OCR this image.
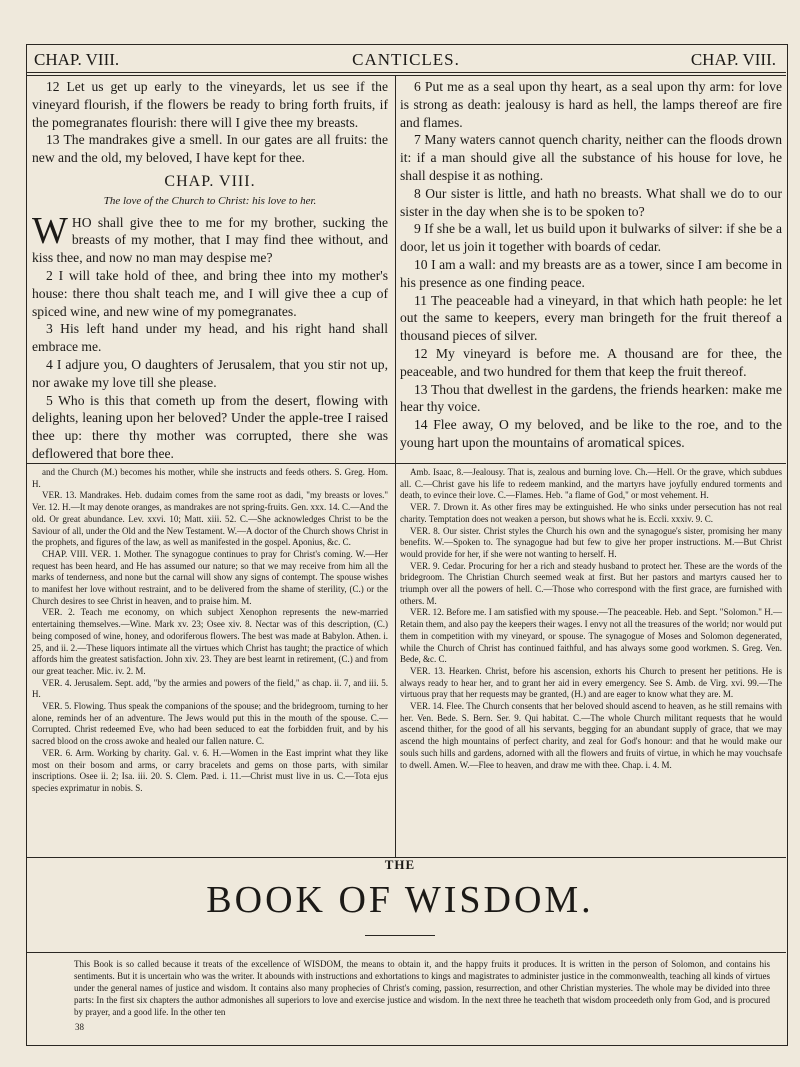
CANTICLES.
CHAP. VIII.	CHAP. VIII.

12 Let us get up early to the vineyards, let us see if the vineyard flourish, if the flowers be ready to bring forth fruits, if the pomegranates flourish: there will I give thee my breasts.

13 The mandrakes give a smell. In our gates are all fruits: the new and the old, my beloved, I have kept for thee.

CHAP. VIII.
The love of the Church to Christ: his love to her.

WHO shall give thee to me for my brother, sucking the breasts of my mother, that I may find thee without, and kiss thee, and now no man may despise me?

2 I will take hold of thee, and bring thee into my mother's house: there thou shalt teach me, and I will give thee a cup of spiced wine, and new wine of my pomegranates.

3 His left hand under my head, and his right hand shall embrace me.

4 I adjure you, O daughters of Jerusalem, that you stir not up, nor awake my love till she please.

5 Who is this that cometh up from the desert, flowing with delights, leaning upon her beloved? Under the apple-tree I raised thee up: there thy mother was corrupted, there she was deflowered that bore thee.

6 Put me as a seal upon thy heart, as a seal upon thy arm: for love is strong as death: jealousy is hard as hell, the lamps thereof are fire and flames.

7 Many waters cannot quench charity, neither can the floods drown it: if a man should give all the substance of his house for love, he shall despise it as nothing.

8 Our sister is little, and hath no breasts. What shall we do to our sister in the day when she is to be spoken to?

9 If she be a wall, let us build upon it bulwarks of silver: if she be a door, let us join it together with boards of cedar.

10 I am a wall: and my breasts are as a tower, since I am become in his presence as one finding peace.

11 The peaceable had a vineyard, in that which hath people: he let out the same to keepers, every man bringeth for the fruit thereof a thousand pieces of silver.

12 My vineyard is before me. A thousand are for thee, the peaceable, and two hundred for them that keep the fruit thereof.

13 Thou that dwellest in the gardens, the friends hearken: make me hear thy voice.

14 Flee away, O my beloved, and be like to the roe, and to the young hart upon the mountains of aromatical spices.

and the Church (M.) becomes his mother, while she instructs and feeds others. S. Greg. Hom. H.

VER. 13. Mandrakes. Heb. dudaim comes from the same root as dadi, "my breasts or loves." Ver. 12. H.—It may denote oranges, as mandrakes are not spring-fruits. Gen. xxx. 14. C.—And the old. Or great abundance. Lev. xxvi. 10; Matt. xiii. 52. C.—She acknowledges Christ to be the Saviour of all, under the Old and the New Testament. W.—A doctor of the Church shows Christ in the prophets, and figures of the law, as well as manifested in the gospel. Aponius, &c. C.

CHAP. VIII. VER. 1. Mother. The synagogue continues to pray for Christ's coming. W.—Her request has been heard, and He has assumed our nature; so that we may receive from him all the marks of tenderness, and none but the carnal will show any signs of contempt. The spouse wishes to manifest her love without restraint, and to be delivered from the shame of sterility, (C.) or the Church desires to see Christ in heaven, and to praise him. M.

VER. 2. Teach me economy, on which subject Xenophon represents the new-married entertaining themselves.—Wine. Mark xv. 23; Osee xiv. 8. Nectar was of this description, (C.) being composed of wine, honey, and odoriferous flowers. The best was made at Babylon. Athen. i. 25, and ii. 2.—These liquors intimate all the virtues which Christ has taught; the practice of which affords him the greatest satisfaction. John xiv. 23. They are best learnt in retirement, (C.) and from our great teacher. Mic. iv. 2. M.

VER. 4. Jerusalem. Sept. add, "by the armies and powers of the field," as chap. ii. 7, and iii. 5. H.

VER. 5. Flowing. Thus speak the companions of the spouse; and the bridegroom, turning to her alone, reminds her of an adventure. The Jews would put this in the mouth of the spouse. C.—Corrupted. Christ redeemed Eve, who had been seduced to eat the forbidden fruit, and by his sacred blood on the cross awoke and healed our fallen nature. C.

VER. 6. Arm. Working by charity. Gal. v. 6. H.—Women in the East imprint what they like most on their bosom and arms, or carry bracelets and gems on those parts, with similar inscriptions. Osee ii. 2; Isa. iii. 20. S. Clem. Pæd. i. 11.—Christ must live in us. C.—Tota ejus species exprimatur in nobis. S.

Amb. Isaac, 8.—Jealousy. That is, zealous and burning love. Ch.—Hell. Or the grave, which subdues all. C.—Christ gave his life to redeem mankind, and the martyrs have joyfully endured torments and death, to evince their love. C.—Flames. Heb. "a flame of God," or most vehement. H.

VER. 7. Drown it. As other fires may be extinguished. He who sinks under persecution has not real charity. Temptation does not weaken a person, but shows what he is. Eccli. xxxiv. 9. C.

VER. 8. Our sister. Christ styles the Church his own and the synagogue's sister, promising her many benefits. W.—Spoken to. The synagogue had but few to give her proper instructions. M.—But Christ would provide for her, if she were not wanting to herself. H.

VER. 9. Cedar. Procuring for her a rich and steady husband to protect her. These are the words of the bridegroom. The Christian Church seemed weak at first. But her pastors and martyrs caused her to triumph over all the powers of hell. C.—Those who correspond with the first grace, are furnished with others. M.

VER. 12. Before me. I am satisfied with my spouse.—The peaceable. Heb. and Sept. "Solomon." H.—Retain them, and also pay the keepers their wages. I envy not all the treasures of the world; nor would put them in competition with my vineyard, or spouse. The synagogue of Moses and Solomon degenerated, while the Church of Christ has continued faithful, and has always some good workmen. S. Greg. Ven. Bede, &c. C.

VER. 13. Hearken. Christ, before his ascension, exhorts his Church to present her petitions. He is always ready to hear her, and to grant her aid in every emergency. See S. Amb. de Virg. xvi. 99.—The virtuous pray that her requests may be granted, (H.) and are eager to know what they are. M.

VER. 14. Flee. The Church consents that her beloved should ascend to heaven, as he still remains with her. Ven. Bede. S. Bern. Ser. 9. Qui habitat. C.—The whole Church militant requests that he would ascend thither, for the good of all his servants, begging for an abundant supply of grace, that we may ascend the high mountains of perfect charity, and zeal for God's honour: and that he would make our souls such hills and gardens, adorned with all the flowers and fruits of virtue, in which he may vouchsafe to dwell. Amen. W.—Flee to heaven, and draw me with thee. Chap. i. 4. M.

THE
BOOK OF WISDOM.
This Book is so called because it treats of the excellence of WISDOM, the means to obtain it, and the happy fruits it produces. It is written in the person of Solomon, and contains his sentiments. But it is uncertain who was the writer. It abounds with instructions and exhortations to kings and magistrates to administer justice in the commonwealth, teaching all kinds of virtues under the general names of justice and wisdom. It contains also many prophecies of Christ's coming, passion, resurrection, and other Christian mysteries. The whole may be divided into three parts: In the first six chapters the author admonishes all superiors to love and exercise justice and wisdom. In the next three he teacheth that wisdom proceedeth only from God, and is procured by prayer, and a good life. In the other ten
38
